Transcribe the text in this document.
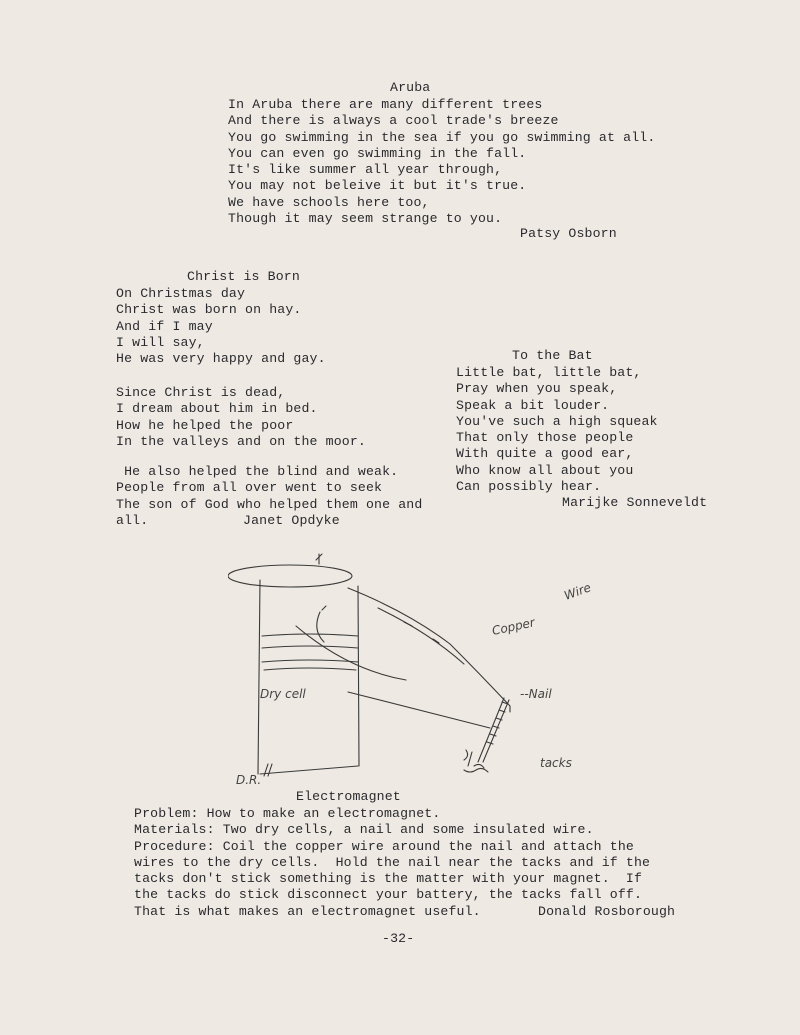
Aruba
In Aruba there are many different trees
And there is always a cool trade's breeze
You go swimming in the sea if you go swimming at all.
You can even go swimming in the fall.
It's like summer all year through,
You may not beleive it but it's true.
We have schools here too,
Though it may seem strange to you.
Patsy Osborn
Christ is Born
On Christmas day
Christ was born on hay.
And if I may
I will say,
He was very happy and gay.
Since Christ is dead,
I dream about him in bed.
How he helped the poor
In the valleys and on the moor.
He also helped the blind and weak.
People from all over went to seek
The son of God who helped them one and
all.	Janet Opdyke
To the Bat
Little bat, little bat,
Pray when you speak,
Speak a bit louder.
You've such a high squeak
That only those people
With quite a good ear,
Who know all about you
Can possibly hear.
Marijke Sonneveldt
Copper
Wire
--Nail
Dry cell
tacks
D.R.
Electromagnet
Problem: How to make an electromagnet.
Materials: Two dry cells, a nail and some insulated wire.
Procedure: Coil the copper wire around the nail and attach the
wires to the dry cells.  Hold the nail near the tacks and if the
tacks don't stick something is the matter with your magnet.  If
the tacks do stick disconnect your battery, the tacks fall off.
That is what makes an electromagnet useful.	Donald Rosborough
-32-
